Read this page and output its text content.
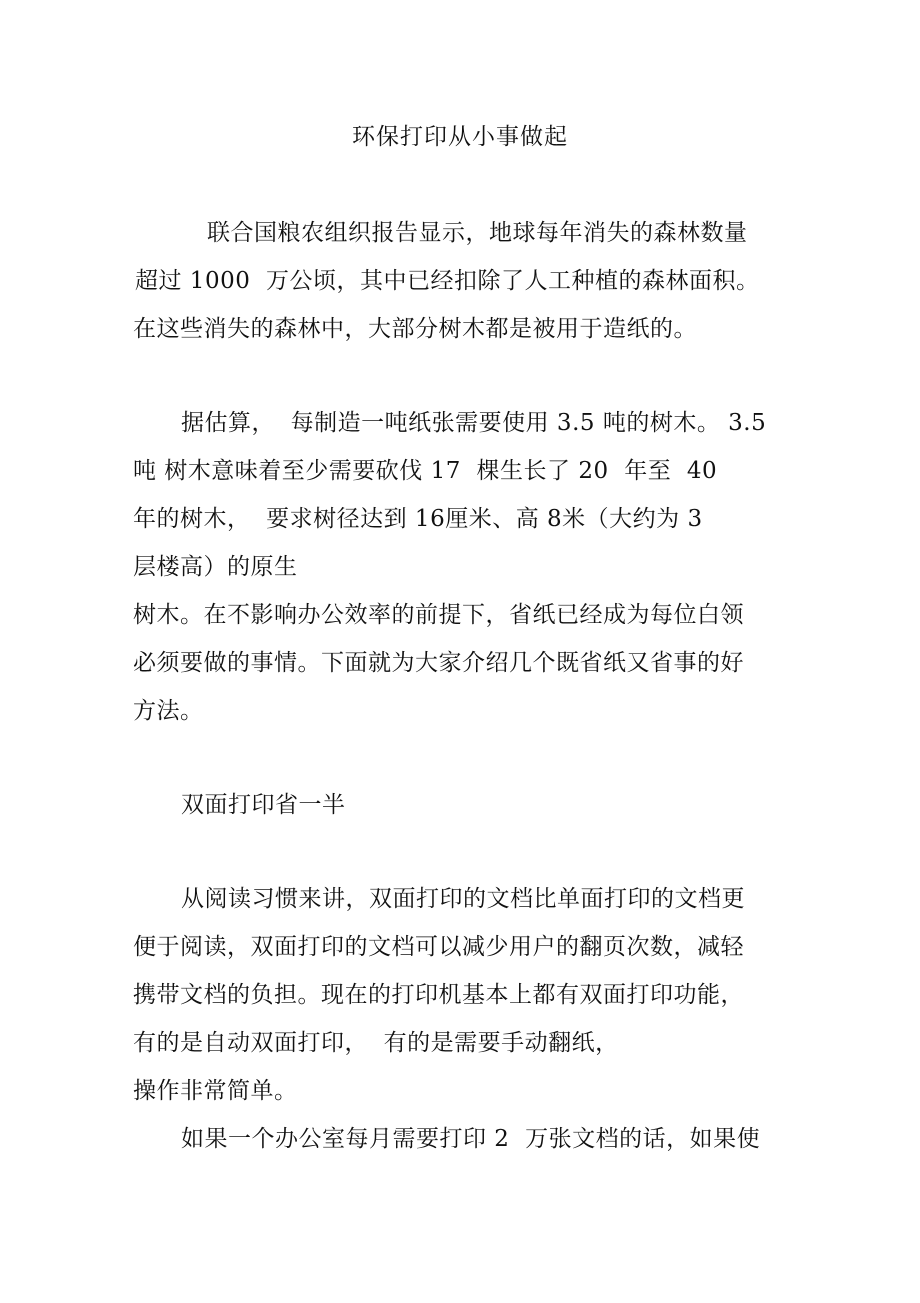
环保打印从小事做起
联合国粮农组织报告显示，地球每年消失的森林数量
超过 1000  万公顷，其中已经扣除了人工种植的森林面积。
在这些消失的森林中，大部分树木都是被用于造纸的。
据估算，  每制造一吨纸张需要使用 3.5 吨的树木。 3.5
吨 树木意味着至少需要砍伐 17  棵生长了 20  年至  40
年的树木，  要求树径达到 16厘米、高 8米（大约为 3
层楼高）的原生
树木。在不影响办公效率的前提下，省纸已经成为每位白领
必须要做的事情。下面就为大家介绍几个既省纸又省事的好
方法。
双面打印省一半
从阅读习惯来讲，双面打印的文档比单面打印的文档更
便于阅读，双面打印的文档可以减少用户的翻页次数，减轻
携带文档的负担。现在的打印机基本上都有双面打印功能，
有的是自动双面打印，  有的是需要手动翻纸，
操作非常简单。
如果一个办公室每月需要打印 2  万张文档的话，如果使
